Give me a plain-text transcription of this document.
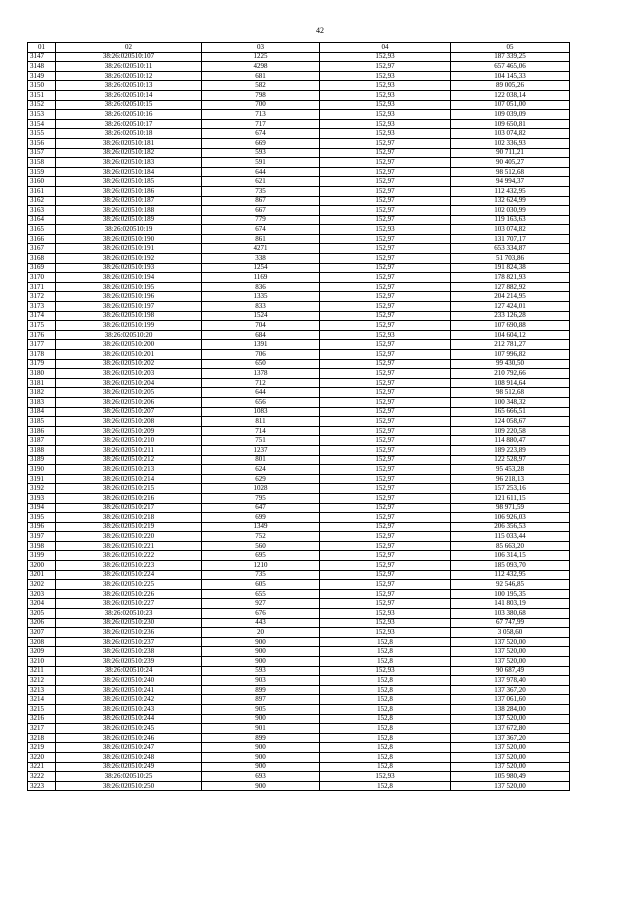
42
01	02	03	04	05
3147	38:26:020510:107	1225	152,93	187 339,25
3148	38:26:020510:11	4298	152,97	657 465,06
3149	38:26:020510:12	681	152,93	104 145,33
3150	38:26:020510:13	582	152,93	89 005,26
3151	38:26:020510:14	798	152,93	122 038,14
3152	38:26:020510:15	700	152,93	107 051,00
3153	38:26:020510:16	713	152,93	109 039,09
3154	38:26:020510:17	717	152,93	109 650,81
3155	38:26:020510:18	674	152,93	103 074,82
3156	38:26:020510:181	669	152,97	102 336,93
3157	38:26:020510:182	593	152,97	90 711,21
3158	38:26:020510:183	591	152,97	90 405,27
3159	38:26:020510:184	644	152,97	98 512,68
3160	38:26:020510:185	621	152,97	94 994,37
3161	38:26:020510:186	735	152,97	112 432,95
3162	38:26:020510:187	867	152,97	132 624,99
3163	38:26:020510:188	667	152,97	102 030,99
3164	38:26:020510:189	779	152,97	119 163,63
3165	38:26:020510:19	674	152,93	103 074,82
3166	38:26:020510:190	861	152,97	131 707,17
3167	38:26:020510:191	4271	152,97	653 334,87
3168	38:26:020510:192	338	152,97	51 703,86
3169	38:26:020510:193	1254	152,97	191 824,38
3170	38:26:020510:194	1169	152,97	178 821,93
3171	38:26:020510:195	836	152,97	127 882,92
3172	38:26:020510:196	1335	152,97	204 214,95
3173	38:26:020510:197	833	152,97	127 424,01
3174	38:26:020510:198	1524	152,97	233 126,28
3175	38:26:020510:199	704	152,97	107 690,88
3176	38:26:020510:20	684	152,93	104 604,12
3177	38:26:020510:200	1391	152,97	212 781,27
3178	38:26:020510:201	706	152,97	107 996,82
3179	38:26:020510:202	650	152,97	99 430,50
3180	38:26:020510:203	1378	152,97	210 792,66
3181	38:26:020510:204	712	152,97	108 914,64
3182	38:26:020510:205	644	152,97	98 512,68
3183	38:26:020510:206	656	152,97	100 348,32
3184	38:26:020510:207	1083	152,97	165 666,51
3185	38:26:020510:208	811	152,97	124 058,67
3186	38:26:020510:209	714	152,97	109 220,58
3187	38:26:020510:210	751	152,97	114 880,47
3188	38:26:020510:211	1237	152,97	189 223,89
3189	38:26:020510:212	801	152,97	122 528,97
3190	38:26:020510:213	624	152,97	95 453,28
3191	38:26:020510:214	629	152,97	96 218,13
3192	38:26:020510:215	1028	152,97	157 253,16
3193	38:26:020510:216	795	152,97	121 611,15
3194	38:26:020510:217	647	152,97	98 971,59
3195	38:26:020510:218	699	152,97	106 926,03
3196	38:26:020510:219	1349	152,97	206 356,53
3197	38:26:020510:220	752	152,97	115 033,44
3198	38:26:020510:221	560	152,97	85 663,20
3199	38:26:020510:222	695	152,97	106 314,15
3200	38:26:020510:223	1210	152,97	185 093,70
3201	38:26:020510:224	735	152,97	112 432,95
3202	38:26:020510:225	605	152,97	92 546,85
3203	38:26:020510:226	655	152,97	100 195,35
3204	38:26:020510:227	927	152,97	141 803,19
3205	38:26:020510:23	676	152,93	103 380,68
3206	38:26:020510:230	443	152,93	67 747,99
3207	38:26:020510:236	20	152,93	3 058,60
3208	38:26:020510:237	900	152,8	137 520,00
3209	38:26:020510:238	900	152,8	137 520,00
3210	38:26:020510:239	900	152,8	137 520,00
3211	38:26:020510:24	593	152,93	90 687,49
3212	38:26:020510:240	903	152,8	137 978,40
3213	38:26:020510:241	899	152,8	137 367,20
3214	38:26:020510:242	897	152,8	137 061,60
3215	38:26:020510:243	905	152,8	138 284,00
3216	38:26:020510:244	900	152,8	137 520,00
3217	38:26:020510:245	901	152,8	137 672,80
3218	38:26:020510:246	899	152,8	137 367,20
3219	38:26:020510:247	900	152,8	137 520,00
3220	38:26:020510:248	900	152,8	137 520,00
3221	38:26:020510:249	900	152,8	137 520,00
3222	38:26:020510:25	693	152,93	105 980,49
3223	38:26:020510:250	900	152,8	137 520,00
